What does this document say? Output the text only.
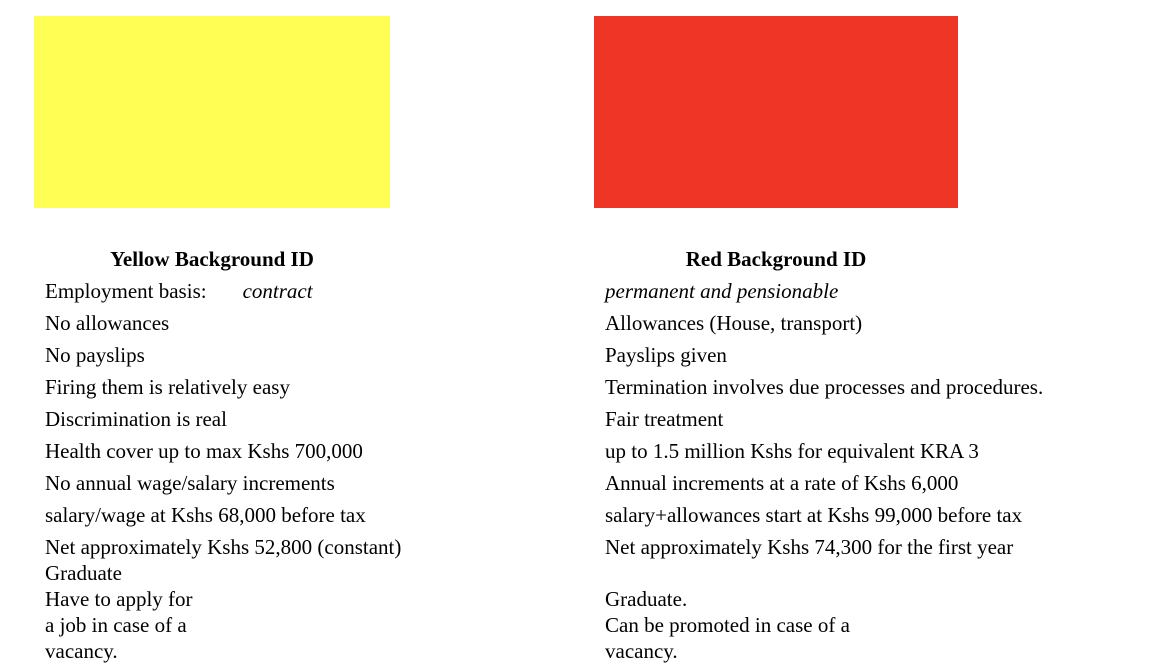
Yellow Background ID	Red Background ID
Employment basis: contract
No allowances
No payslips
Firing them is relatively easy
Discrimination is real
Health cover up to max Kshs 700,000
No annual wage/salary increments
salary/wage at Kshs 68,000 before tax
Net approximately Kshs 52,800 (constant)
Graduate
Have to apply for
a job in case of a
vacancy.
permanent and pensionable
Allowances (House, transport)
Payslips given
Termination involves due processes and procedures.
Fair treatment
up to 1.5 million Kshs for equivalent KRA 3
Annual increments at a rate of Kshs 6,000
salary+allowances start at Kshs 99,000 before tax
Net approximately Kshs 74,300 for the first year
Graduate.
Can be promoted in case of a
vacancy.
